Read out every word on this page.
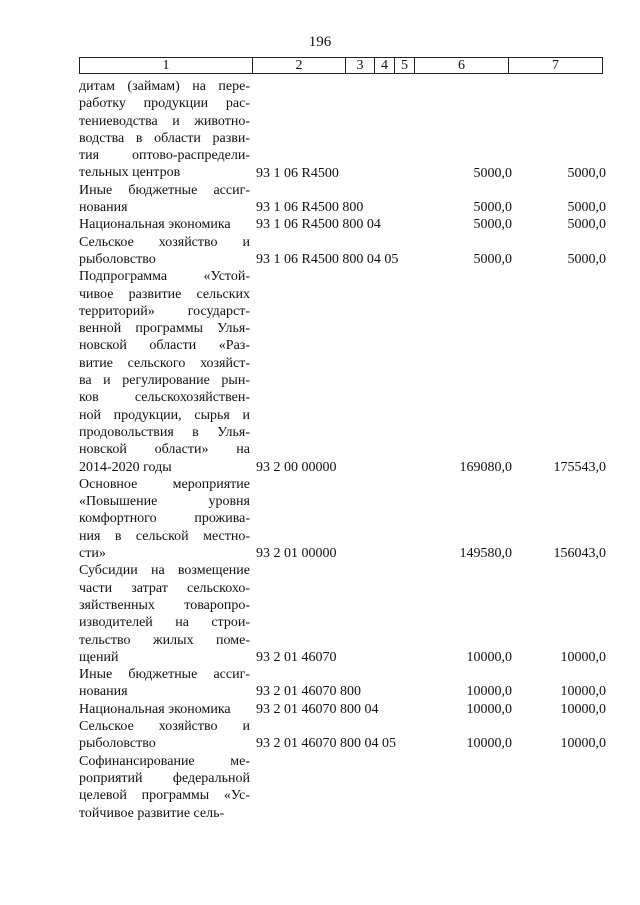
196
1	2	3	4	5	6	7
дитам (займам) на пере-
работку продукции рас-
тениеводства и животно-
водства в области разви-
тия оптово-распредели-
тельных центров	93 1 06 R4500	5000,0	5000,0
Иные бюджетные ассиг-
нования	93 1 06 R4500 800	5000,0	5000,0
Национальная экономика	93 1 06 R4500 800 04	5000,0	5000,0
Сельское хозяйство и
рыболовство	93 1 06 R4500 800 04 05	5000,0	5000,0
Подпрограмма «Устой-
чивое развитие сельских
территорий» государст-
венной программы Улья-
новской области «Раз-
витие сельского хозяйст-
ва и регулирование рын-
ков сельскохозяйствен-
ной продукции, сырья и
продовольствия в Улья-
новской области» на
2014-2020 годы	93 2 00 00000	169080,0	175543,0
Основное мероприятие
«Повышение уровня
комфортного прожива-
ния в сельской местно-
сти»	93 2 01 00000	149580,0	156043,0
Субсидии на возмещение
части затрат сельскохо-
зяйственных товаропро-
изводителей на строи-
тельство жилых поме-
щений	93 2 01 46070	10000,0	10000,0
Иные бюджетные ассиг-
нования	93 2 01 46070 800	10000,0	10000,0
Национальная экономика	93 2 01 46070 800 04	10000,0	10000,0
Сельское хозяйство и
рыболовство	93 2 01 46070 800 04 05	10000,0	10000,0
Софинансирование ме-
роприятий федеральной
целевой программы «Ус-
тойчивое развитие сель-
